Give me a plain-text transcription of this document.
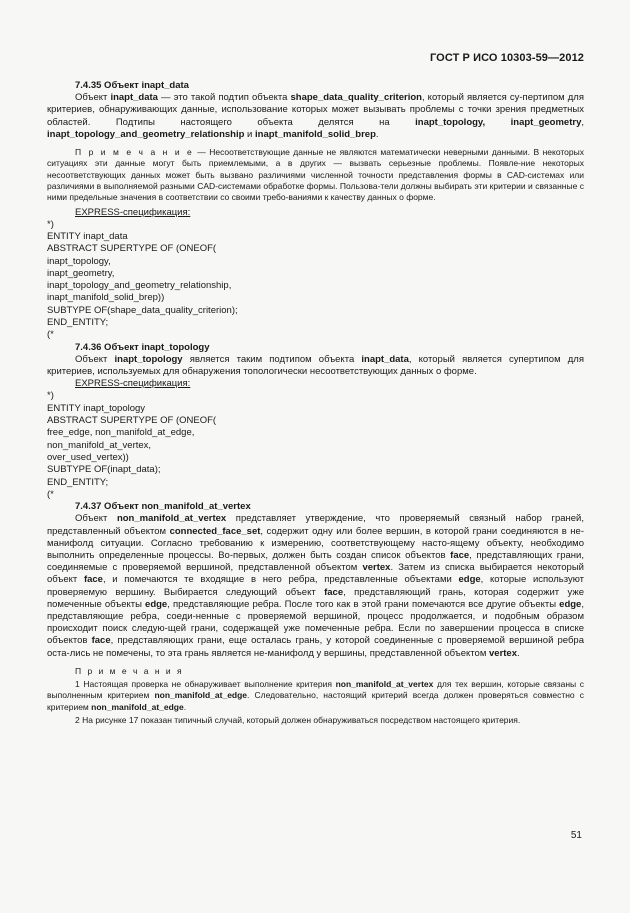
ГОСТ Р ИСО 10303-59—2012

7.4.35 Объект inapt_data

Объект inapt_data — это такой подтип объекта shape_data_quality_criterion, который является су-пертипом для критериев, обнаруживающих данные, использование которых может вызывать проблемы с точки зрения предметных областей. Подтипы настоящего объекта делятся на inapt_topology, inapt_geometry, inapt_topology_and_geometry_relationship и inapt_manifold_solid_brep.

П р и м е ч а н и е — Несоответствующие данные не являются математически неверными данными. В некоторых ситуациях эти данные могут быть приемлемыми, а в других — вызвать серьезные проблемы. Появле-ние некоторых несоответствующих данных может быть вызвано различиями численной точности представления формы в CAD-системах или различиями в выполняемой разными CAD-системами обработке формы. Пользова-тели должны выбирать эти критерии и связанные с ними предельные значения в соответствии со своими требо-ваниями к качеству данных о форме.

EXPRESS-спецификация:
*)
ENTITY inapt_data
ABSTRACT SUPERTYPE OF (ONEOF(
inapt_topology,
inapt_geometry,
inapt_topology_and_geometry_relationship,
inapt_manifold_solid_brep))
SUBTYPE OF(shape_data_quality_criterion);
END_ENTITY;
(*

7.4.36 Объект inapt_topology

Объект inapt_topology является таким подтипом объекта inapt_data, который является супертипом для критериев, используемых для обнаружения топологически несоответствующих данных о форме.

EXPRESS-спецификация:
*)
ENTITY inapt_topology
ABSTRACT SUPERTYPE OF (ONEOF(
free_edge, non_manifold_at_edge,
non_manifold_at_vertex,
over_used_vertex))
SUBTYPE OF(inapt_data);
END_ENTITY;
(*

7.4.37 Объект non_manifold_at_vertex

Объект non_manifold_at_vertex представляет утверждение, что проверяемый связный набор граней, представленный объектом connected_face_set, содержит одну или более вершин, в которой грани соединяются в не-манифолд ситуации. Согласно требованию к измерению, соответствующему насто-ящему объекту, необходимо выполнить определенные процессы. Во-первых, должен быть создан список объектов face, представляющих грани, соединяемые с проверяемой вершиной, представленной объектом vertex. Затем из списка выбирается некоторый объект face, и помечаются те входящие в него ребра, представленные объектами edge, которые используют проверяемую вершину. Выбирается следующий объект face, представляющий грань, которая содержит уже помеченные объекты edge, представляющие ребра. После того как в этой грани помечаются все другие объекты edge, представляющие ребра, соеди-ненные с проверяемой вершиной, процесс продолжается, и подобным образом происходит поиск следую-щей грани, содержащей уже помеченные ребра. Если по завершении процесса в списке объектов face, представляющих грани, еще осталась грань, у которой соединенные с проверяемой вершиной ребра оста-лись не помечены, то эта грань является не-манифолд у вершины, представленной объектом vertex.

П р и м е ч а н и я

1 Настоящая проверка не обнаруживает выполнение критерия non_manifold_at_vertex для тех вершин, которые связаны с выполненным критерием non_manifold_at_edge. Следовательно, настоящий критерий всегда должен проверяться совместно с критерием non_manifold_at_edge.

2 На рисунке 17 показан типичный случай, который должен обнаруживаться посредством настоящего критерия.

51
